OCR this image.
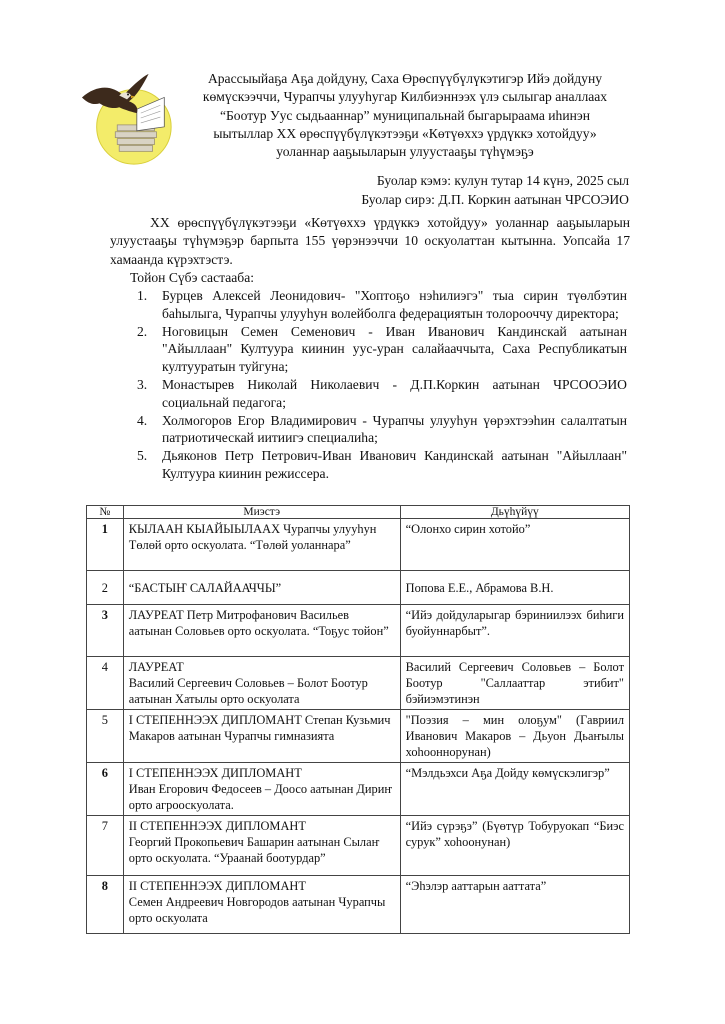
Арассыыйаҕа Аҕа дойдуну, Саха Өрөспүүбүлүкэтигэр Ийэ дойдуну
көмүскээччи, Чурапчы улууһугар Килбиэннээх үлэ сылыгар аналлаах
“Боотур Уус сыдьааннар” муниципальнай быгарыраама иһинэн
ыытыллар ХХ өрөспүүбүлүкэтээҕи «Көтүөххэ үрдүккэ хотойдуу»
уоланнар ааҕыыларын улуустааҕы түһүмэҕэ
Буолар кэмэ: кулун тутар 14 күнэ, 2025 сыл
Буолар сирэ: Д.П. Коркин аатынан ЧРСОЭИО

ХХ өрөспүүбүлүкэтээҕи «Көтүөххэ үрдүккэ хотойдуу» уоланнар ааҕыыларын улуустааҕы түһүмэҕэр барпыта 155 үөрэнээччи 10 оскуолаттан кытынна. Уопсайа 17 хамаанда күрэхтэстэ.

Тойон Сүбэ састааба:
1. Бурцев Алексей Леонидович- "Хоптоҕо нэһилиэгэ" тыа сирин түөлбэтин баһылыга, Чурапчы улууһун волейболга федерациятын толорооччу директора;
2. Ноговицын Семен Семенович - Иван Иванович Кандинскай аатынан "Айыллаан" Култуура киинин уус-уран салайааччыта, Саха Республикатын култууратын туйгуна;
3. Монастырев Николай Николаевич - Д.П.Коркин аатынан ЧРСООЭИО социальнай педагога;
4. Холмогоров Егор Владимирович - Чурапчы улууһун үөрэхтээһин салалтатын патриотическай иитиигэ специалиһа;
5. Дьяконов Петр Петрович-Иван Иванович Кандинскай аатынан "Айыллаан" Култуура киинин режиссера.
№	Миэстэ	Дьүһүйүү
1	КЫЛААН КЫАЙЫЫЛААХ Чурапчы улууһун Төлөй орто оскуолата. “Төлөй уоланнара”	“Олонхо сирин хотойо”
2	“БАСТЫҤ САЛАЙААЧЧЫ”	Попова Е.Е., Абрамова В.Н.
3	ЛАУРЕАТ Петр Митрофанович Васильев аатынан Соловьев орто оскуолата. “Тоҕус тойон”	“Ийэ дойдуларыгар бэриниилээх биһиги буойуннарбыт”.
4	ЛАУРЕАТ
Василий Сергеевич Соловьев – Болот Боотур аатынан Хатылы орто оскуолата	Василий Сергеевич Соловьев – Болот Боотур "Саллааттар этибит" бэйиэмэтинэн
5	I СТЕПЕННЭЭХ ДИПЛОМАНТ Степан Кузьмич Макаров аатынан Чурапчы гимназията	"Поэзия – мин олоҕум" (Гавриил Иванович Макаров – Дьуон Дьаҥылы хоһооннорунан)
6	I СТЕПЕННЭЭХ ДИПЛОМАНТ
Иван Егорович Федосеев – Доосо аатынан Дириҥ орто агрооскуолата.	“Мэлдьэхси Аҕа Дойду көмүскэлигэр”
7	II СТЕПЕННЭЭХ ДИПЛОМАНТ
Георгий Прокопьевич Башарин аатынан Сылаҥ орто оскуолата. “Ураанай боотурдар”	“Ийэ сүрэҕэ” (Бүөтүр Тобуруокап “Биэс сурук” хоһоонунан)
8	II СТЕПЕННЭЭХ ДИПЛОМАНТ
Семен Андреевич Новгородов аатынан Чурапчы орто оскуолата	“Эһэлэр ааттарын ааттата”
